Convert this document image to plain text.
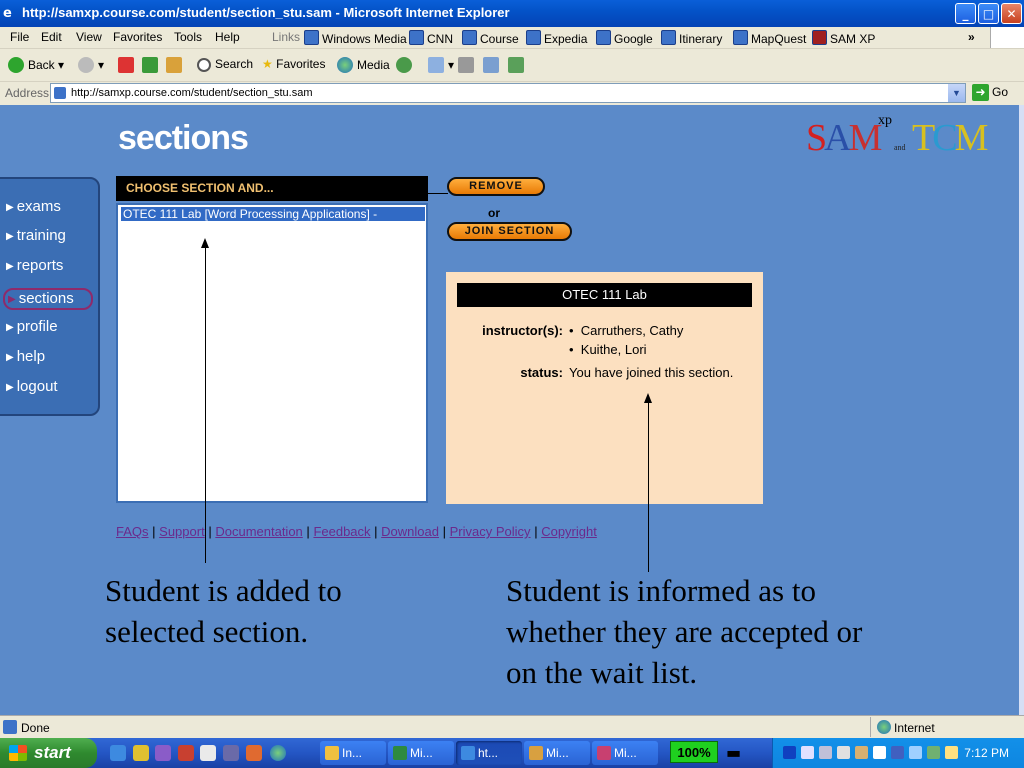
e http://samxp.course.com/student/section_stu.sam - Microsoft Internet Explorer	_	□	✕
File Edit View Favorites Tools Help	Links	Windows Media	CNN	Course	Expedia	Google	Itinerary	MapQuest	SAM XP	»
Back ▾	▾	Search ★ Favorites	Media	▾
Address http://samxp.course.com/student/section_stu.sam	▼	➜ Go
sections	SAM
xp
and TCM
▶ exams
▶ training
▶ reports
▶ sections
▶ profile
▶ help
▶ logout
CHOOSE SECTION AND...
OTEC 111 Lab [Word Processing Applications] -
REMOVE
or
JOIN SECTION
OTEC 111 Lab
instructor(s): •  Carruthers, Cathy
•  Kuithe, Lori
status: You have joined this section.
FAQs | Support | Documentation | Feedback | Download | Privacy Policy | Copyright
Student is added to selected section.
Student is informed as to whether they are accepted or on the wait list.
Done	Internet
start	In...	Mi...	ht...	Mi...	Mi...	100% ▬	7:12 PM
